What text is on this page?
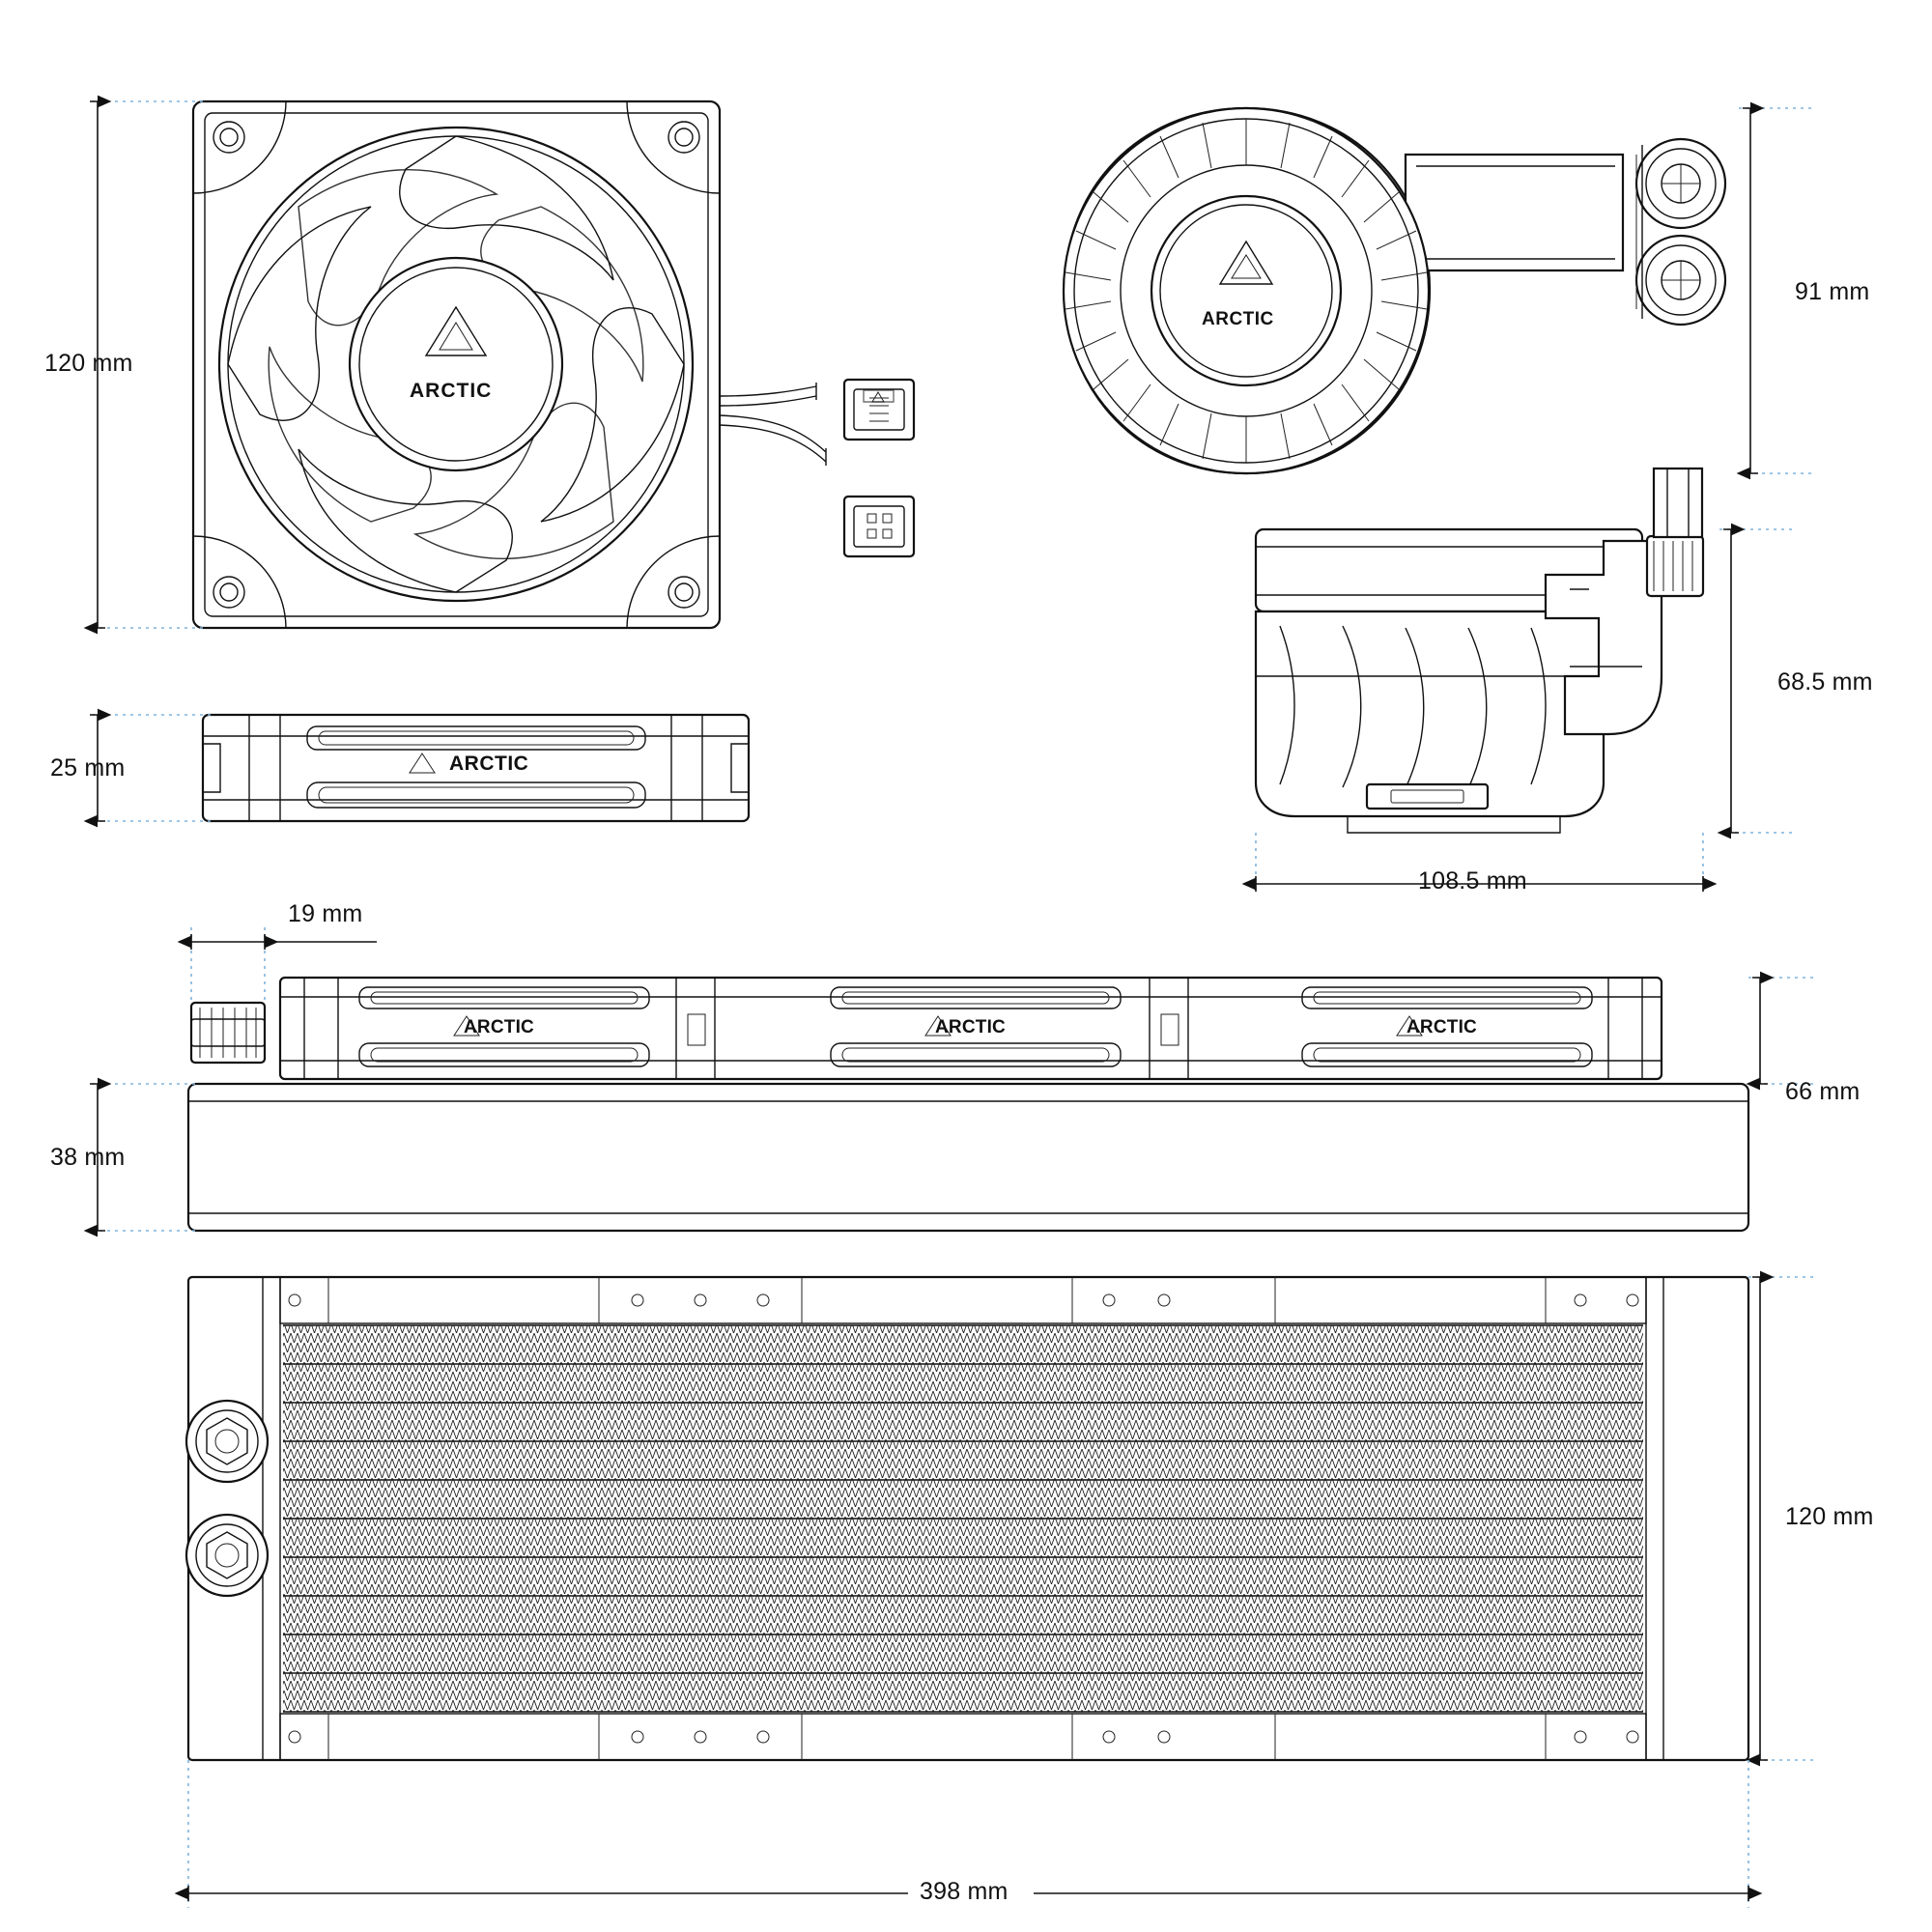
120 mm
25 mm
91 mm
68.5 mm
108.5 mm
19 mm
38 mm
66 mm
120 mm
398 mm
ARCTIC
ARCTIC
ARCTIC
ARCTIC	ARCTIC	ARCTIC
